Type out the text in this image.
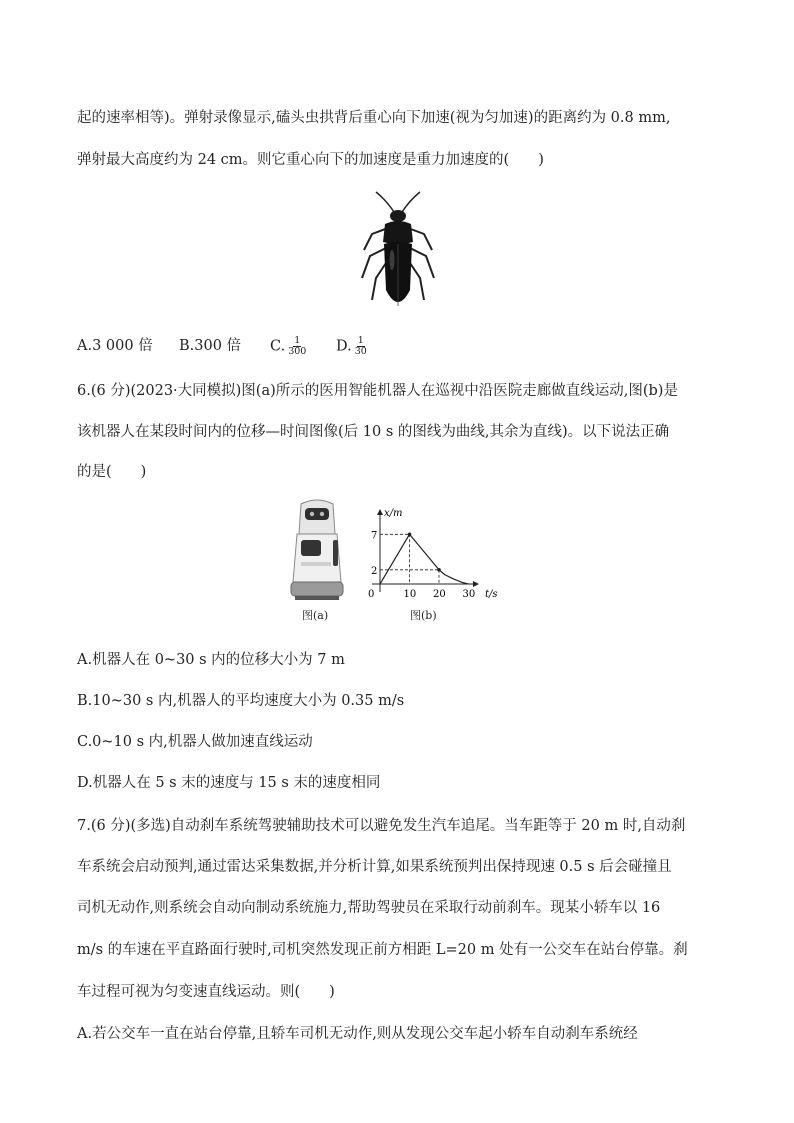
起的速率相等)。弹射录像显示,磕头虫拱背后重心向下加速(视为匀加速)的距离约为 0.8 mm,
弹射最大高度约为 24 cm。则它重心向下的加速度是重力加速度的(　　)
A.3 000 倍 B.300 倍 C. $\frac{1}{300} D$. $\frac{1}{30}$
6.(6 分)(2023·大同模拟)图(a)所示的医用智能机器人在巡视中沿医院走廊做直线运动,图(b)是
该机器人在某段时间内的位移—时间图像(后 10 s 的图线为曲线,其余为直线)。以下说法正确
的是(　　)
图(a)
x/m
t/s
0
7
2
10 20 30
图(b)
A.机器人在 0~30 s 内的位移大小为 7 m
B.10~30 s 内,机器人的平均速度大小为 0.35 m/s
C.0~10 s 内,机器人做加速直线运动
D.机器人在 5 s 末的速度与 15 s 末的速度相同
7.(6 分)(多选)自动刹车系统驾驶辅助技术可以避免发生汽车追尾。当车距等于 20 m 时,自动刹
车系统会启动预判,通过雷达采集数据,并分析计算,如果系统预判出保持现速 0.5 s 后会碰撞且
司机无动作,则系统会自动向制动系统施力,帮助驾驶员在采取行动前刹车。现某小轿车以 16
m/s 的车速在平直路面行驶时,司机突然发现正前方相距 L=20 m 处有一公交车在站台停靠。刹
车过程可视为匀变速直线运动。则(　　)
A.若公交车一直在站台停靠,且轿车司机无动作,则从发现公交车起小轿车自动刹车系统经
